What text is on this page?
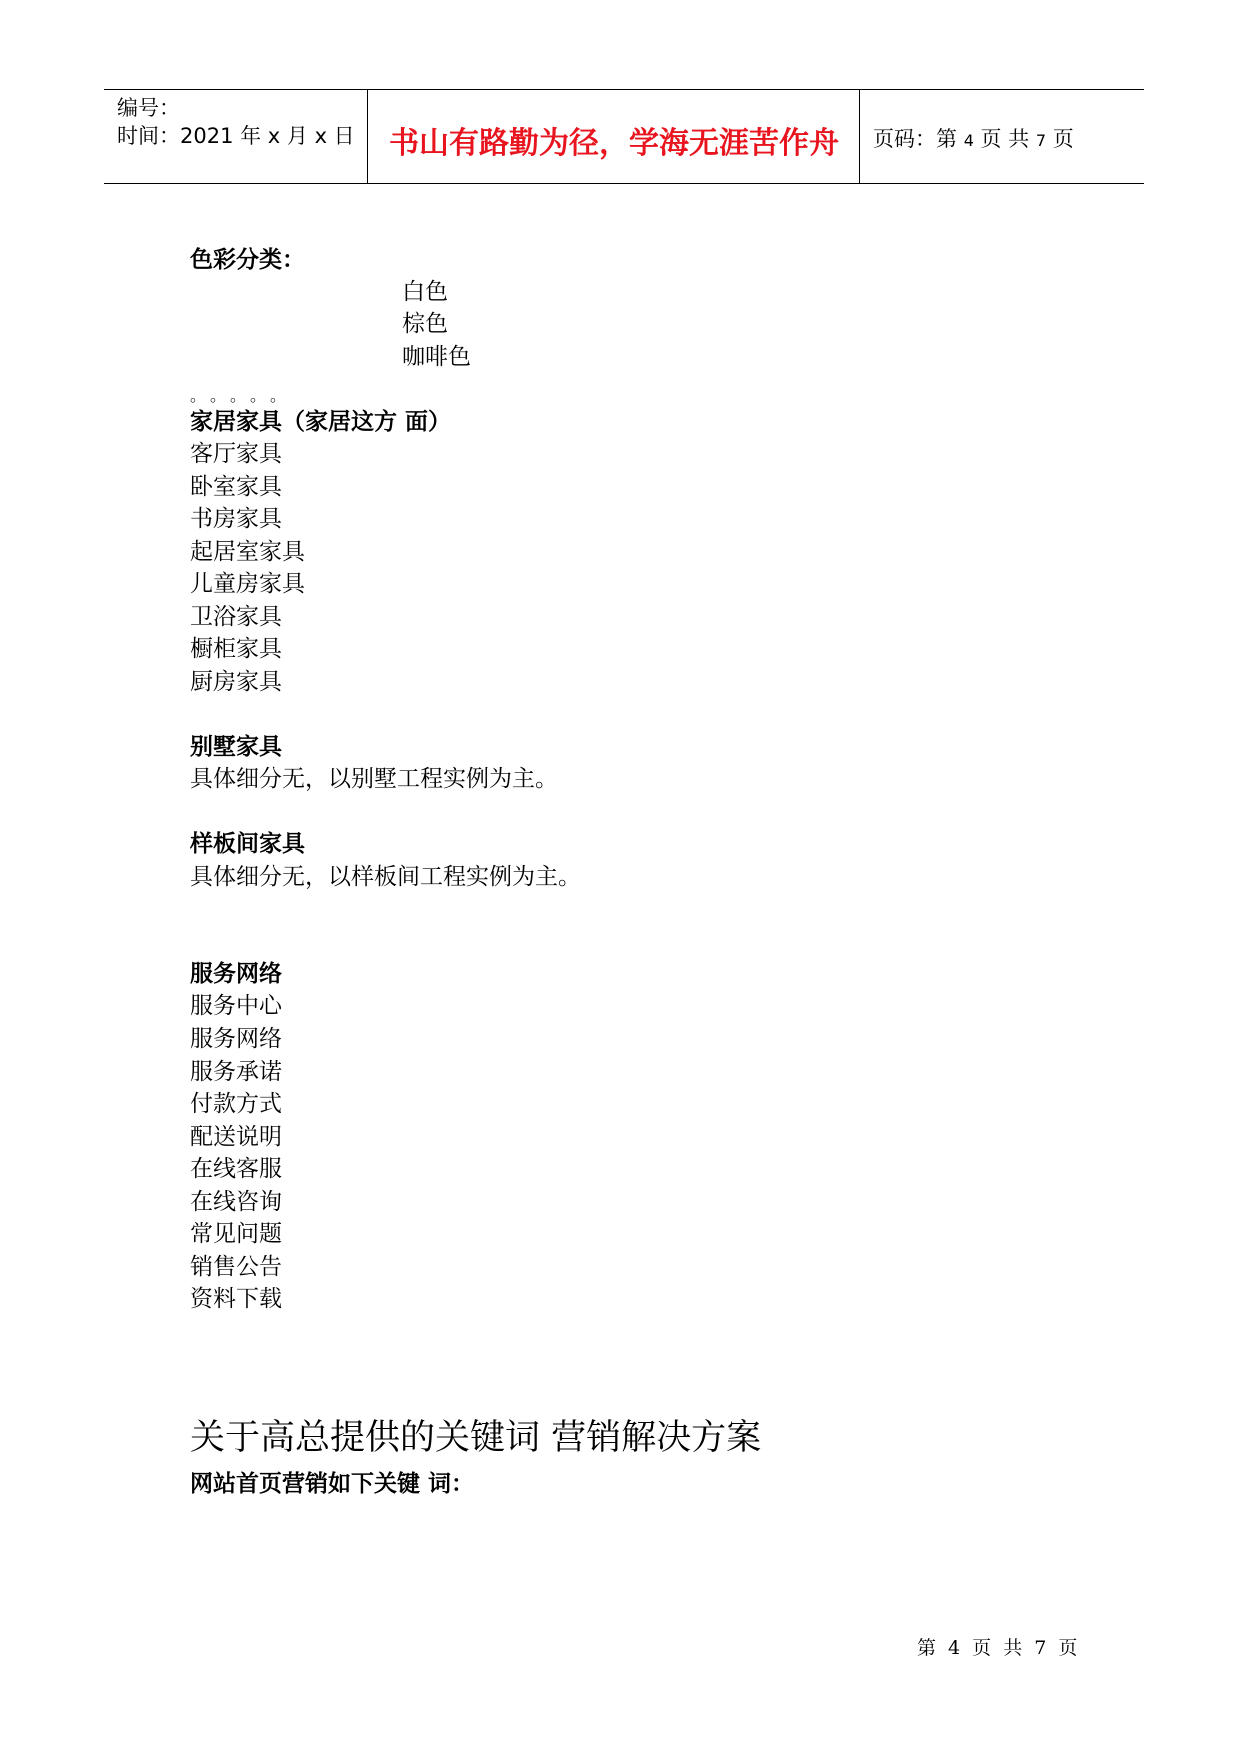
编号：
时间：2021 年 x 月 x 日	书山有路勤为径，学海无涯苦作舟	页码：第 4 页 共 7 页
色彩分类：
白色
棕色
咖啡色
。。。。。
家居家具（家居这方 面）
客厅家具
卧室家具
书房家具
起居室家具
儿童房家具
卫浴家具
橱柜家具
厨房家具
别墅家具
具体细分无，以别墅工程实例为主。
样板间家具
具体细分无，以样板间工程实例为主。
服务网络
服务中心
服务网络
服务承诺
付款方式
配送说明
在线客服
在线咨询
常见问题
销售公告
资料下载
关于高总提供的关键词 营销解决方案
网站首页营销如下关键 词：
第 4 页 共 7 页
